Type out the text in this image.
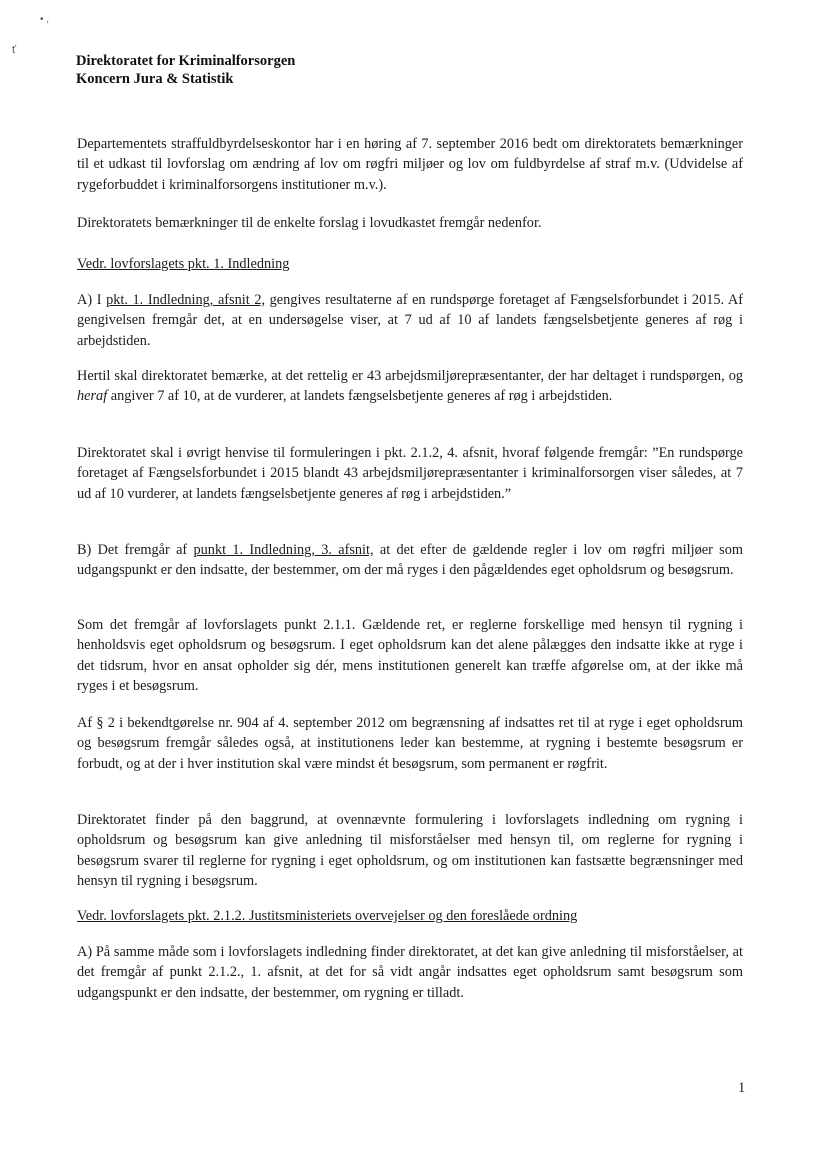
• ,
ť
Direktoratet for Kriminalforsorgen
Koncern Jura & Statistik
Departementets straffuldbyrdelseskontor har i en høring af 7. september 2016 bedt om direktoratets bemærkninger til et udkast til lovforslag om ændring af lov om røgfri miljøer og lov om fuldbyrdelse af straf m.v. (Udvidelse af rygeforbuddet i kriminalforsorgens institutioner m.v.).
Direktoratets bemærkninger til de enkelte forslag i lovudkastet fremgår nedenfor.
Vedr. lovforslagets pkt. 1. Indledning
A) I pkt. 1. Indledning, afsnit 2, gengives resultaterne af en rundspørge foretaget af Fængselsforbundet i 2015. Af gengivelsen fremgår det, at en undersøgelse viser, at 7 ud af 10 af landets fængselsbetjente generes af røg i arbejdstiden.
Hertil skal direktoratet bemærke, at det rettelig er 43 arbejdsmiljørepræsentanter, der har deltaget i rundspørgen, og heraf angiver 7 af 10, at de vurderer, at landets fængselsbetjente generes af røg i arbejdstiden.
Direktoratet skal i øvrigt henvise til formuleringen i pkt. 2.1.2, 4. afsnit, hvoraf følgende fremgår: ”En rundspørge foretaget af Fængselsforbundet i 2015 blandt 43 arbejdsmiljørepræsentanter i kriminalforsorgen viser således, at 7 ud af 10 vurderer, at landets fængselsbetjente generes af røg i arbejdstiden.”
B) Det fremgår af punkt 1. Indledning, 3. afsnit, at det efter de gældende regler i lov om røgfri miljøer som udgangspunkt er den indsatte, der bestemmer, om der må ryges i den pågældendes eget opholdsrum og besøgsrum.
Som det fremgår af lovforslagets punkt 2.1.1. Gældende ret, er reglerne forskellige med hensyn til rygning i henholdsvis eget opholdsrum og besøgsrum. I eget opholdsrum kan det alene pålægges den indsatte ikke at ryge i det tidsrum, hvor en ansat opholder sig dér, mens institutionen generelt kan træffe afgørelse om, at der ikke må ryges i et besøgsrum.
Af § 2 i bekendtgørelse nr. 904 af 4. september 2012 om begrænsning af indsattes ret til at ryge i eget opholdsrum og besøgsrum fremgår således også, at institutionens leder kan bestemme, at rygning i bestemte besøgsrum er forbudt, og at der i hver institution skal være mindst ét besøgsrum, som permanent er røgfrit.
Direktoratet finder på den baggrund, at ovennævnte formulering i lovforslagets indledning om rygning i opholdsrum og besøgsrum kan give anledning til misforståelser med hensyn til, om reglerne for rygning i besøgsrum svarer til reglerne for rygning i eget opholdsrum, og om institutionen kan fastsætte begrænsninger med hensyn til rygning i besøgsrum.
Vedr. lovforslagets pkt. 2.1.2. Justitsministeriets overvejelser og den foreslåede ordning
A) På samme måde som i lovforslagets indledning finder direktoratet, at det kan give anledning til misforståelser, at det fremgår af punkt 2.1.2., 1. afsnit, at det for så vidt angår indsattes eget opholdsrum samt besøgsrum som udgangspunkt er den indsatte, der bestemmer, om rygning er tilladt.
1
